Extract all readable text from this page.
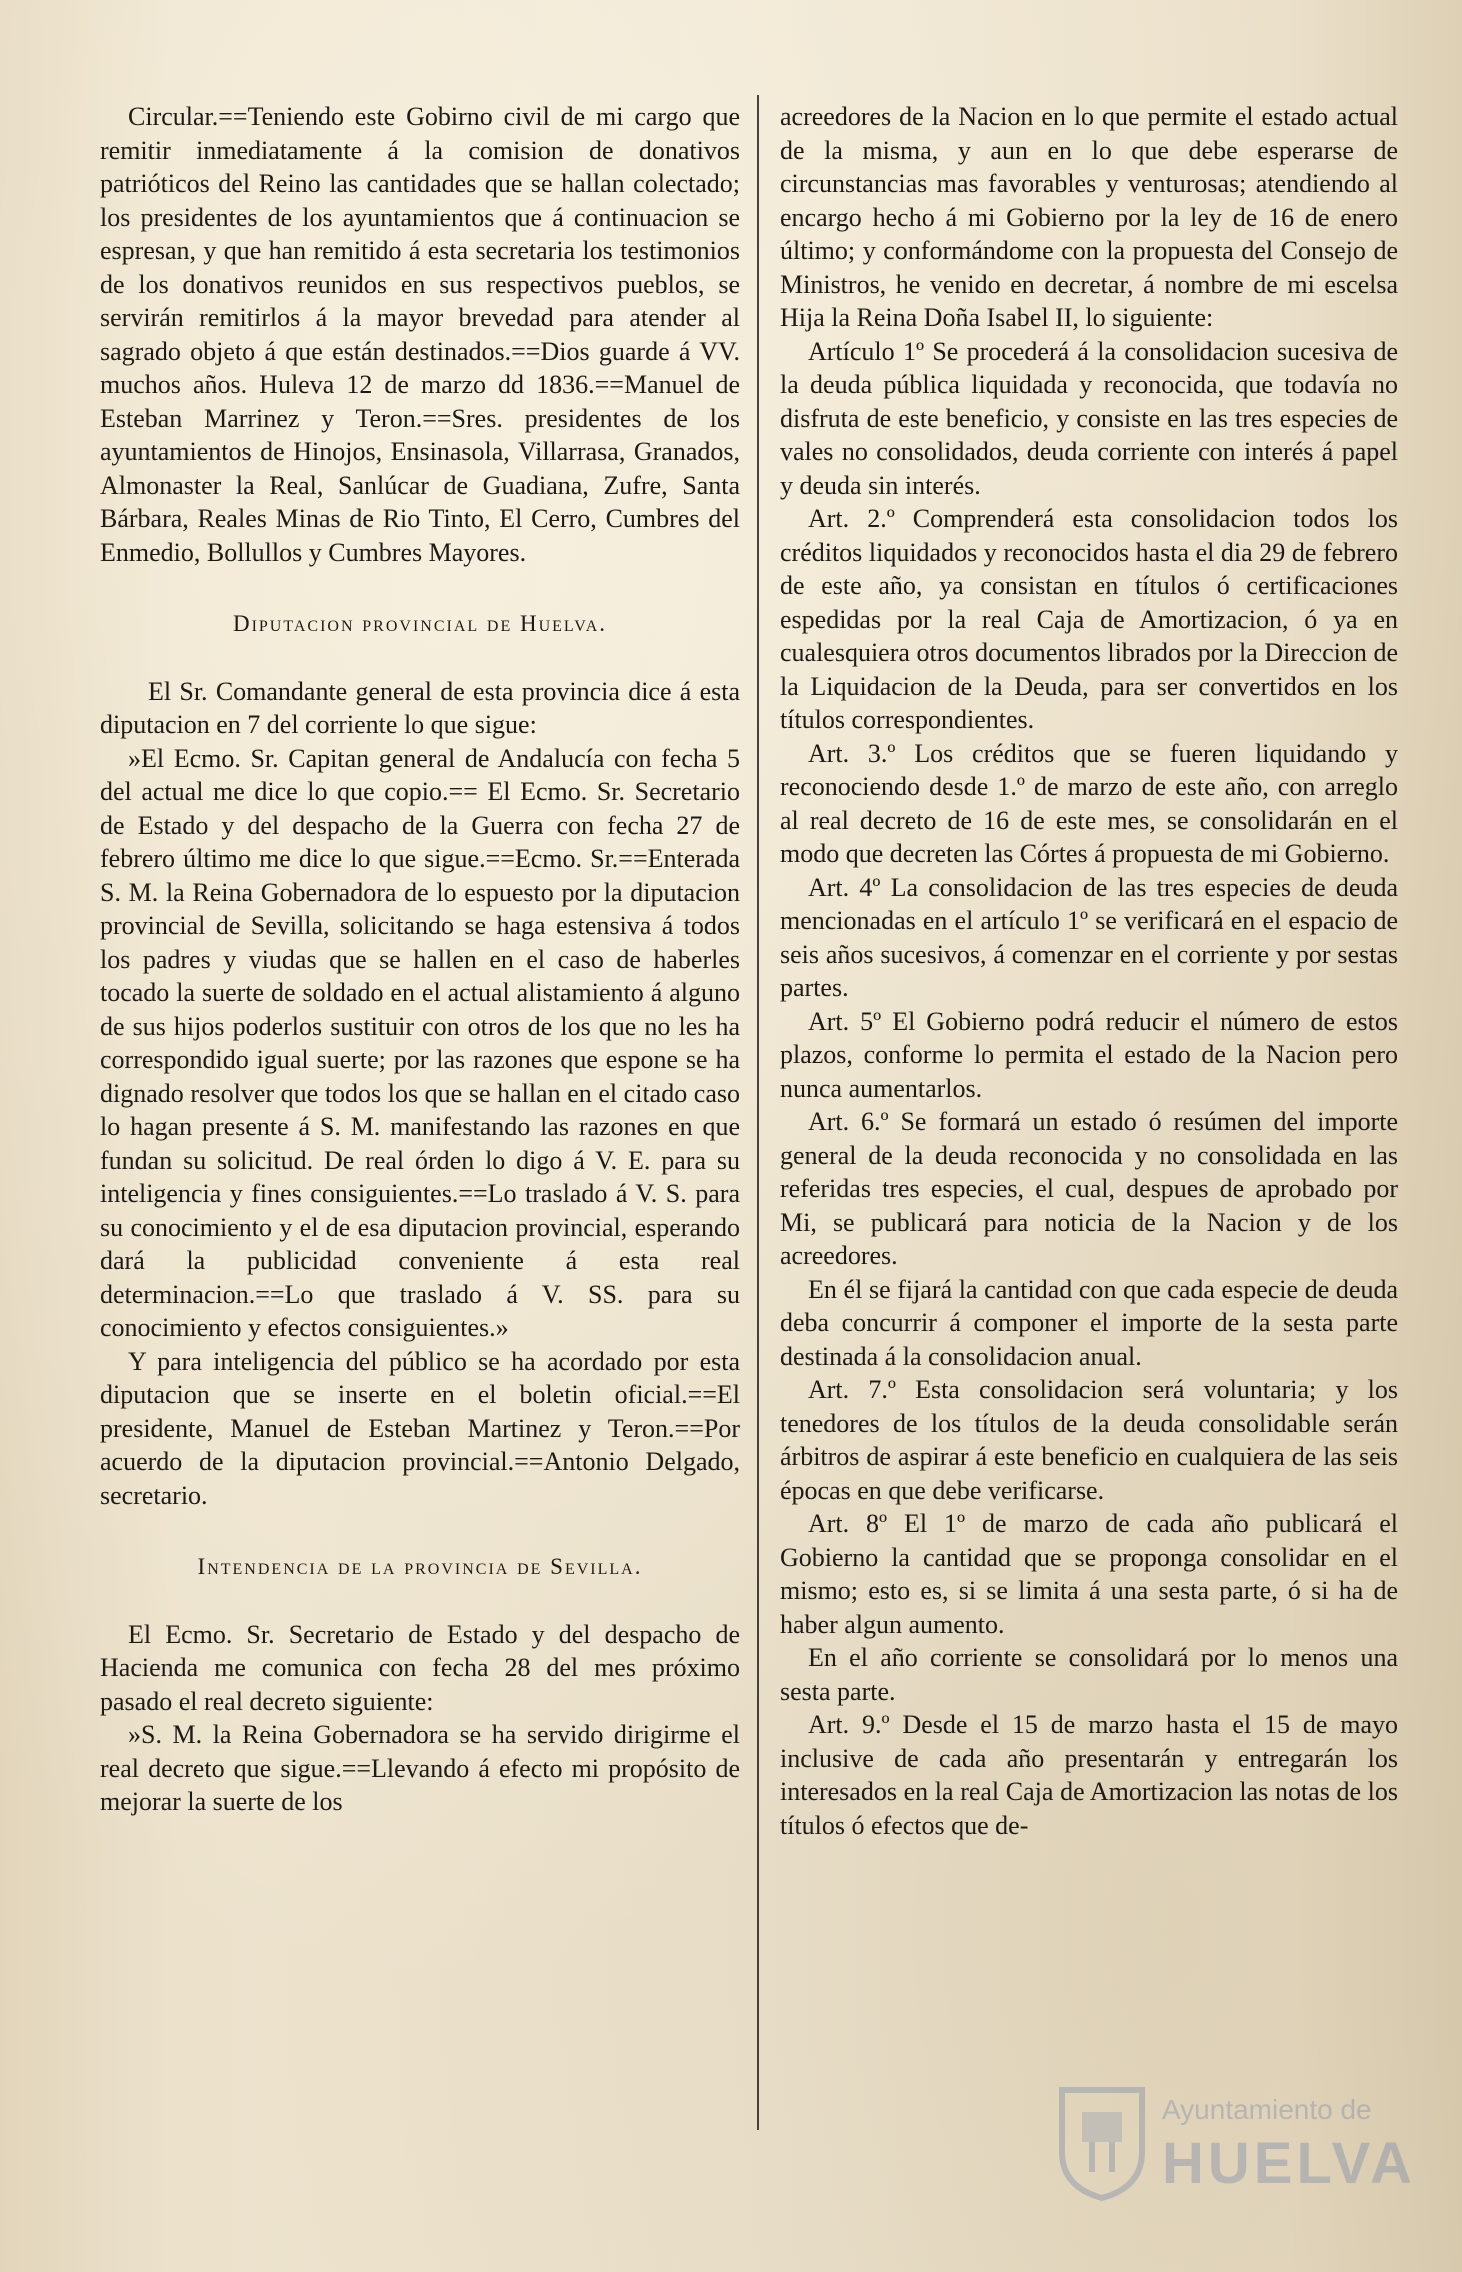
Circular.==Teniendo este Gobirno civil de mi cargo que remitir inmediatamente á la comision de donativos patrióticos del Reino las cantidades que se hallan colectado; los presidentes de los ayuntamientos que á continuacion se espresan, y que han remitido á esta secretaria los testimonios de los donativos reunidos en sus respectivos pueblos, se servirán remitirlos á la mayor brevedad para atender al sagrado objeto á que están destinados.==Dios guarde á VV. muchos años. Huleva 12 de marzo dd 1836.==Manuel de Esteban Marrinez y Teron.==Sres. presidentes de los ayuntamientos de Hinojos, Ensinasola, Villarrasa, Granados, Almonaster la Real, Sanlúcar de Guadiana, Zufre, Santa Bárbara, Reales Minas de Rio Tinto, El Cerro, Cumbres del Enmedio, Bollullos y Cumbres Mayores.

Diputacion provincial de Huelva.

El Sr. Comandante general de esta provincia dice á esta diputacion en 7 del corriente lo que sigue:

»El Ecmo. Sr. Capitan general de Andalucía con fecha 5 del actual me dice lo que copio.== El Ecmo. Sr. Secretario de Estado y del despacho de la Guerra con fecha 27 de febrero último me dice lo que sigue.==Ecmo. Sr.==Enterada S. M. la Reina Gobernadora de lo espuesto por la diputacion provincial de Sevilla, solicitando se haga estensiva á todos los padres y viudas que se hallen en el caso de haberles tocado la suerte de soldado en el actual alistamiento á alguno de sus hijos poderlos sustituir con otros de los que no les ha correspondido igual suerte; por las razones que espone se ha dignado resolver que todos los que se hallan en el citado caso lo hagan presente á S. M. manifestando las razones en que fundan su solicitud. De real órden lo digo á V. E. para su inteligencia y fines consiguientes.==Lo traslado á V. S. para su conocimiento y el de esa diputacion provincial, esperando dará la publicidad conveniente á esta real determinacion.==Lo que traslado á V. SS. para su conocimiento y efectos consiguientes.»

Y para inteligencia del público se ha acordado por esta diputacion que se inserte en el boletin oficial.==El presidente, Manuel de Esteban Martinez y Teron.==Por acuerdo de la diputacion provincial.==Antonio Delgado, secretario.

Intendencia de la provincia de Sevilla.

El Ecmo. Sr. Secretario de Estado y del despacho de Hacienda me comunica con fecha 28 del mes próximo pasado el real decreto siguiente:

»S. M. la Reina Gobernadora se ha servido dirigirme el real decreto que sigue.==Llevando á efecto mi propósito de mejorar la suerte de los

acreedores de la Nacion en lo que permite el estado actual de la misma, y aun en lo que debe esperarse de circunstancias mas favorables y venturosas; atendiendo al encargo hecho á mi Gobierno por la ley de 16 de enero último; y conformándome con la propuesta del Consejo de Ministros, he venido en decretar, á nombre de mi escelsa Hija la Reina Doña Isabel II, lo siguiente:

Artículo 1º Se procederá á la consolidacion sucesiva de la deuda pública liquidada y reconocida, que todavía no disfruta de este beneficio, y consiste en las tres especies de vales no consolidados, deuda corriente con interés á papel y deuda sin interés.

Art. 2.º Comprenderá esta consolidacion todos los créditos liquidados y reconocidos hasta el dia 29 de febrero de este año, ya consistan en títulos ó certificaciones espedidas por la real Caja de Amortizacion, ó ya en cualesquiera otros documentos librados por la Direccion de la Liquidacion de la Deuda, para ser convertidos en los títulos correspondientes.

Art. 3.º Los créditos que se fueren liquidando y reconociendo desde 1.º de marzo de este año, con arreglo al real decreto de 16 de este mes, se consolidarán en el modo que decreten las Córtes á propuesta de mi Gobierno.

Art. 4º La consolidacion de las tres especies de deuda mencionadas en el artículo 1º se verificará en el espacio de seis años sucesivos, á comenzar en el corriente y por sestas partes.

Art. 5º El Gobierno podrá reducir el número de estos plazos, conforme lo permita el estado de la Nacion pero nunca aumentarlos.

Art. 6.º Se formará un estado ó resúmen del importe general de la deuda reconocida y no consolidada en las referidas tres especies, el cual, despues de aprobado por Mi, se publicará para noticia de la Nacion y de los acreedores.

En él se fijará la cantidad con que cada especie de deuda deba concurrir á componer el importe de la sesta parte destinada á la consolidacion anual.

Art. 7.º Esta consolidacion será voluntaria; y los tenedores de los títulos de la deuda consolidable serán árbitros de aspirar á este beneficio en cualquiera de las seis épocas en que debe verificarse.

Art. 8º El 1º de marzo de cada año publicará el Gobierno la cantidad que se proponga consolidar en el mismo; esto es, si se limita á una sesta parte, ó si ha de haber algun aumento.

En el año corriente se consolidará por lo menos una sesta parte.

Art. 9.º Desde el 15 de marzo hasta el 15 de mayo inclusive de cada año presentarán y entregarán los interesados en la real Caja de Amortizacion las notas de los títulos ó efectos que de-

Ayuntamiento de
HUELVA
